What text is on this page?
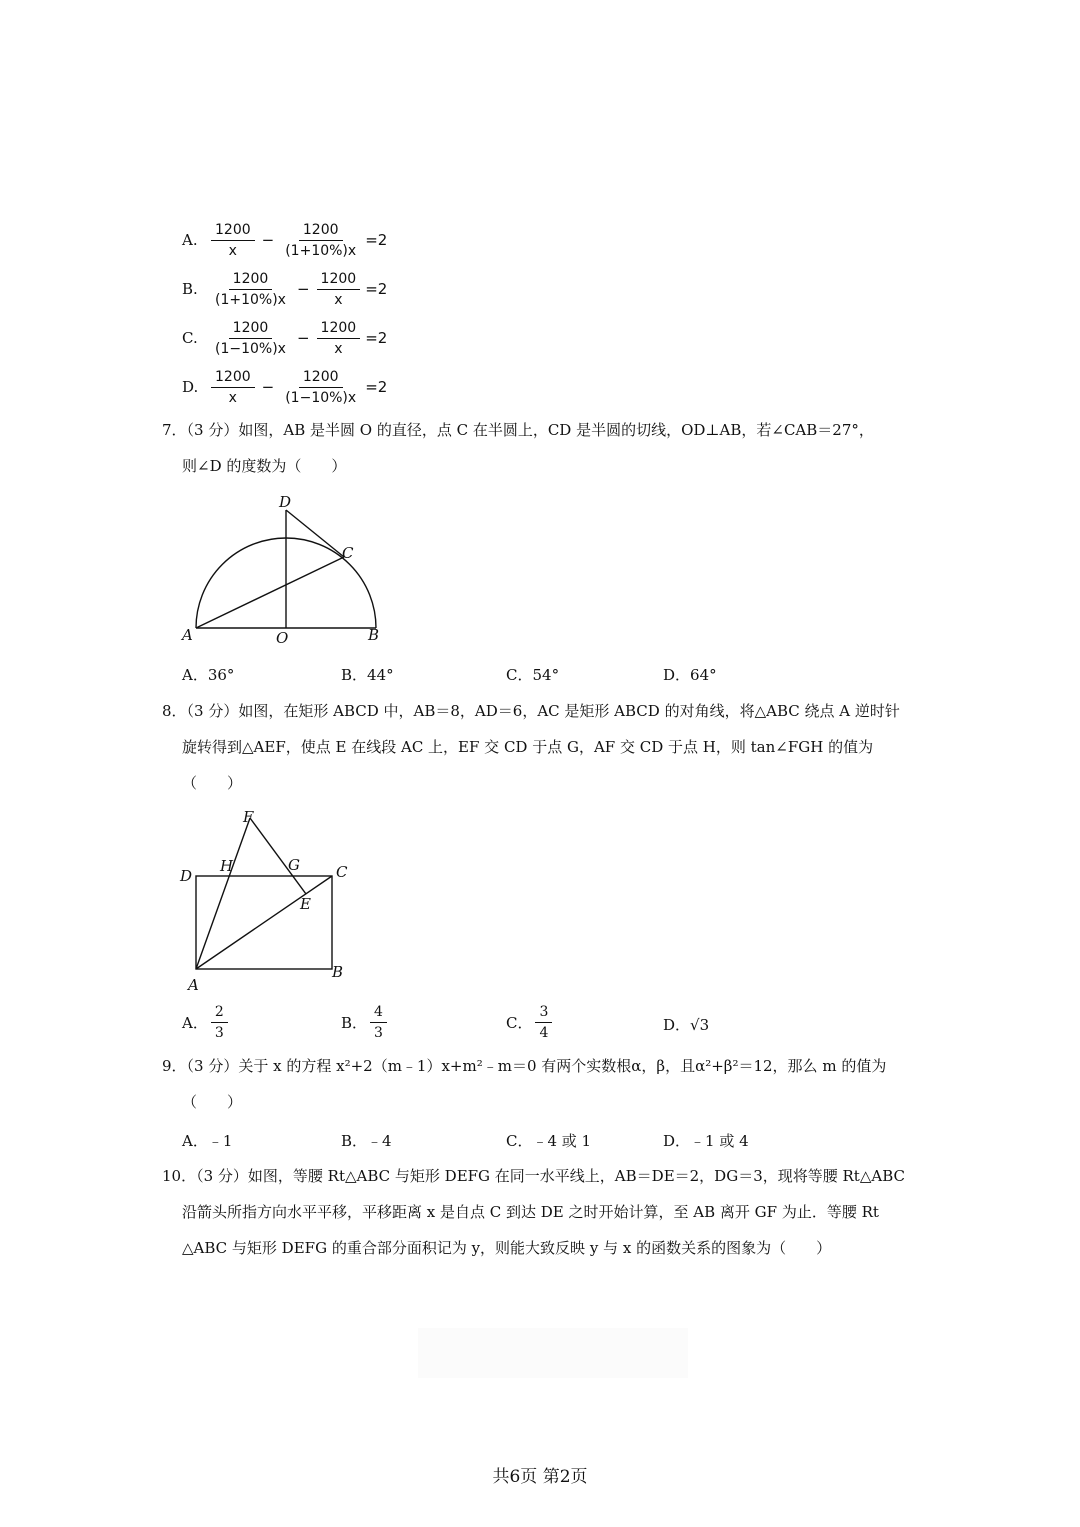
A. $\frac{1200}{x} - \frac{1200}{(1+10\%)x} =2$
B. $\frac{1200}{(1+10\%)x} - \frac{1200}{x} =2$
C. $\frac{1200}{(1-10\%)x} - \frac{1200}{x} =2$
D. $\frac{1200}{x} - \frac{1200}{(1-10\%)x} =2$
7．（3 分）如图，AB 是半圆 O 的直径，点 C 在半圆上，CD 是半圆的切线，OD⊥AB，若∠CAB＝27°，
则∠D 的度数为（　　）
D
C
A	O	B
A．36°	B．44°	C．54°	D．64°
8．（3 分）如图，在矩形 ABCD 中，AB＝8，AD＝6，AC 是矩形 ABCD 的对角线，将△ABC 绕点 A 逆时针
旋转得到△AEF，使点 E 在线段 AC 上，EF 交 CD 于点 G，AF 交 CD 于点 H，则 tan∠FGH 的值为
（　　）
F
H	G
D	C
E
A
B
A． $\frac{2}{3}$	B． $\frac{4}{3}$	C． $\frac{3}{4}$	D． √3
9．（3 分）关于 x 的方程 x²+2（m﹣1）x+m²﹣m＝0 有两个实数根α，β，且α²+β²＝12，那么 m 的值为
（　　）
A．﹣1	B．﹣4	C．﹣4 或 1	D．﹣1 或 4
10．（3 分）如图，等腰 Rt△ABC 与矩形 DEFG 在同一水平线上，AB＝DE＝2，DG＝3，现将等腰 Rt△ABC
沿箭头所指方向水平平移，平移距离 x 是自点 C 到达 DE 之时开始计算，至 AB 离开 GF 为止．等腰 Rt
△ABC 与矩形 DEFG 的重合部分面积记为 y，则能大致反映 y 与 x 的函数关系的图象为（　　）
共6页 第2页
